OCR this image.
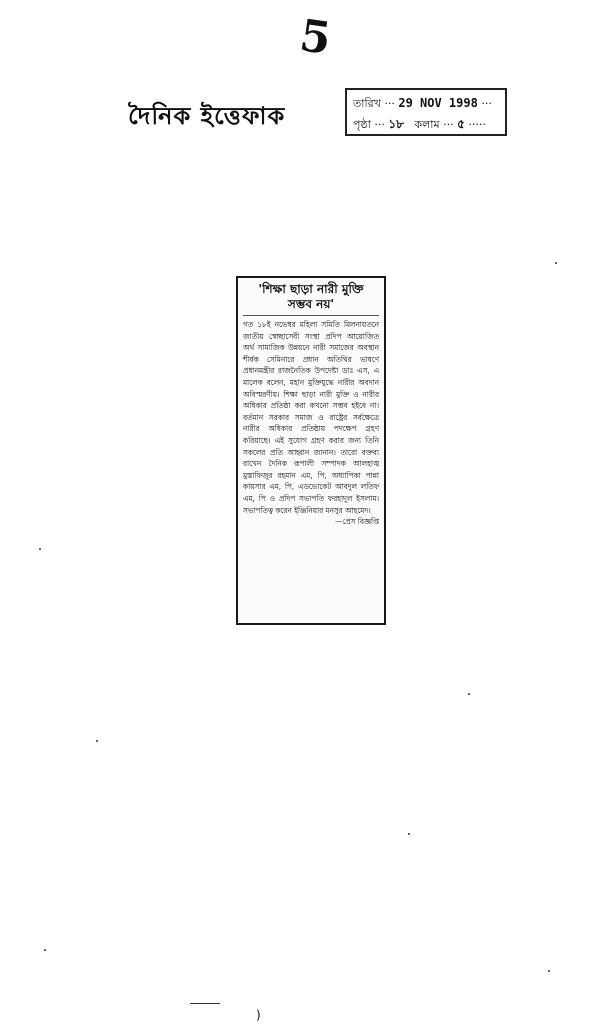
5
দৈনিক ইত্তেফাক	তারিখ ··· 29 NOV 1998 ···
পৃষ্ঠা ··· ১৮ কলাম ··· ৫ ·····
'শিক্ষা ছাড়া নারী মুক্তি
সম্ভব নয়'
গত ১৮ই নভেম্বর মহিলা সমিতি মিলনায়তনে জাতীয় স্বেচ্ছাসেবী সংস্থা প্রদিপ আয়োজিত অর্থ সামাজিক উন্নয়নে নারী সমাজের অবস্থান শীর্ষক সেমিনারে প্রধান অতিথির ভাষণে প্রধানমন্ত্রীর রাজনৈতিক উপদেষ্টা ডাঃ এস, এ মালেক বলেন, মহান মুক্তিযুদ্ধে নারীর অবদান অবিস্মরণীয়। শিক্ষা ছাড়া নারী মুক্তি ও নারীর অধিকার প্রতিষ্ঠা করা কখনো সম্ভব হইবে না। বর্তমান সরকার সমাজ ও রাষ্ট্রের সর্বক্ষেত্রে নারীর অধিকার প্রতিষ্ঠায় পদক্ষেপ গ্রহণ করিয়াছে। এই সুযোগ গ্রহণ করার জন্য তিনি সকলের প্রতি আহ্বান জানান। তারো বক্তব্য রাখেন দৈনিক রূপালী সম্পাদক আলহাজ্ব মুস্তাফিজুর রহমান এম, পি, অধ্যাপিকা পান্না কায়সার এম, পি, এডভোকেট আবদুল লতিফ এম, পি ও প্রদিপ সভাপতি ফরহাদুল ইসলাম। সভাপতিত্ব করেন ইঞ্জিনিয়ার মনসুর আহমেদ।
—প্রেস বিজ্ঞপ্তি
)
